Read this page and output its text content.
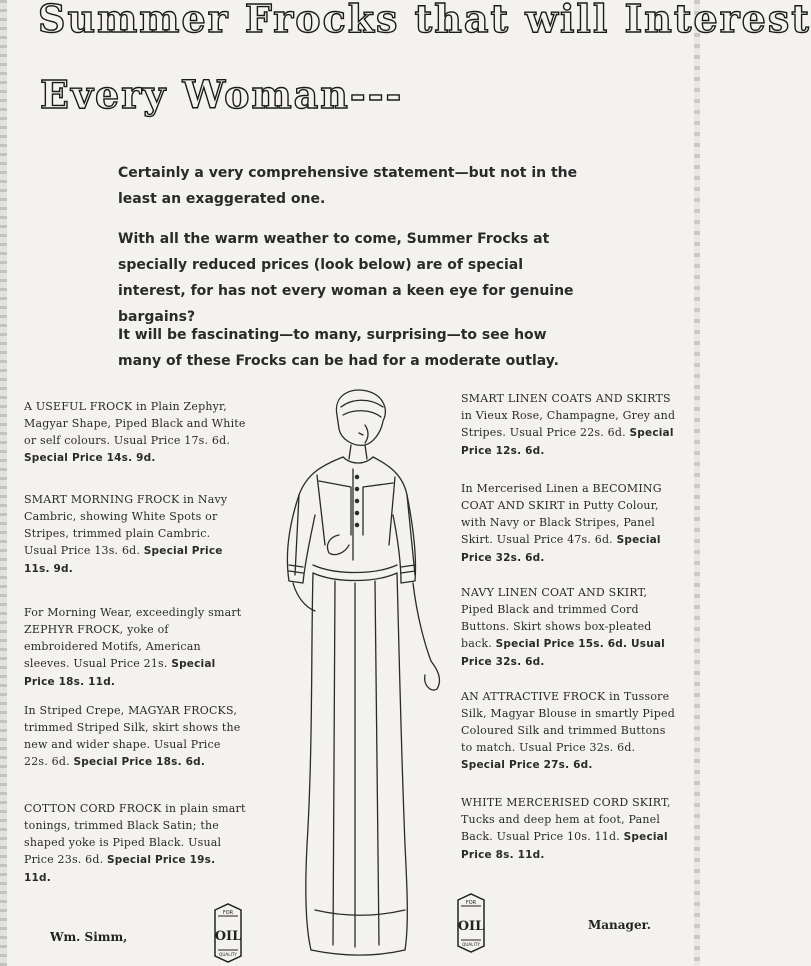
Summer Frocks that will Interest
Every Woman---

Certainly a very comprehensive statement—but not in the least an exaggerated one.

With all the warm weather to come, Summer Frocks at specially reduced prices (look below) are of special interest, for has not every woman a keen eye for genuine bargains?

It will be fascinating—to many, surprising—to see how many of these Frocks can be had for a moderate outlay.

A USEFUL FROCK in Plain Zephyr, Magyar Shape, Piped Black and White or self colours. Usual Price 17s. 6d. Special Price 14s. 9d.

SMART MORNING FROCK in Navy Cambric, showing White Spots or Stripes, trimmed plain Cambric. Usual Price 13s. 6d. Special Price 11s. 9d.

For Morning Wear, exceedingly smart ZEPHYR FROCK, yoke of embroidered Motifs, American sleeves. Usual Price 21s. Special Price 18s. 11d.

In Striped Crepe, MAGYAR FROCKS, trimmed Striped Silk, skirt shows the new and wider shape. Usual Price 22s. 6d. Special Price 18s. 6d.

COTTON CORD FROCK in plain smart tonings, trimmed Black Satin; the shaped yoke is Piped Black. Usual Price 23s. 6d. Special Price 19s. 11d.

SMART LINEN COATS AND SKIRTS in Vieux Rose, Champagne, Grey and Stripes. Usual Price 22s. 6d. Special Price 12s. 6d.

In Mercerised Linen a BECOMING COAT AND SKIRT in Putty Colour, with Navy or Black Stripes, Panel Skirt. Usual Price 47s. 6d. Special Price 32s. 6d.

NAVY LINEN COAT AND SKIRT, Piped Black and trimmed Cord Buttons. Skirt shows box-pleated back. Special Price 15s. 6d. Usual Price 32s. 6d.

AN ATTRACTIVE FROCK in Tussore Silk, Magyar Blouse in smartly Piped Coloured Silk and trimmed Buttons to match. Usual Price 32s. 6d. Special Price 27s. 6d.

WHITE MERCERISED CORD SKIRT, Tucks and deep hem at foot, Panel Back. Usual Price 10s. 11d. Special Price 8s. 11d.

FOR
OIL
QUALITY
FOR
OIL
QUALITY
Wm. Simm,
Manager.
